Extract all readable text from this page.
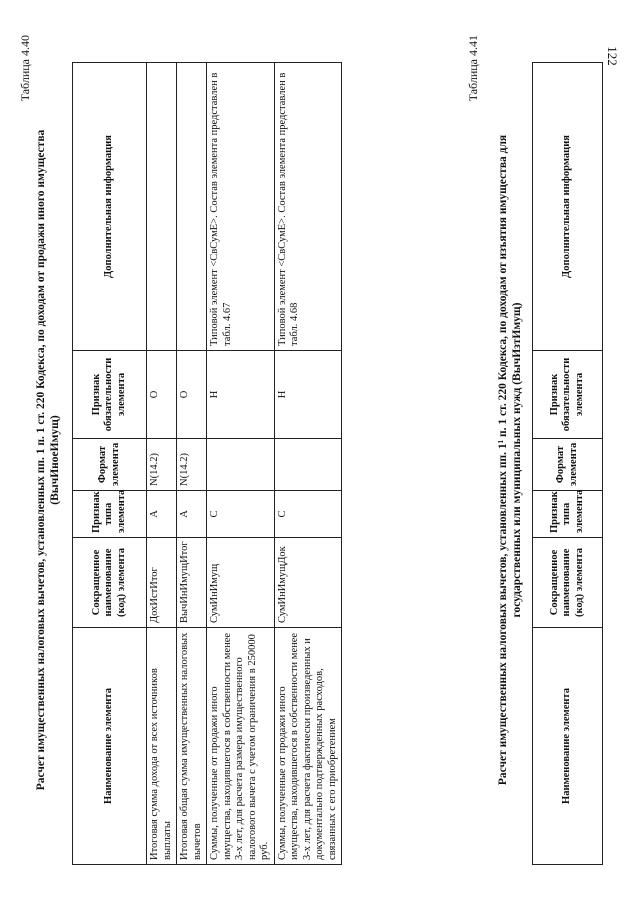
122
Таблица 4.40
Расчет имущественных налоговых вычетов, установленных пп. 1 п. 1 ст. 220 Кодекса, по доходам от продажи иного имущества (ВычИноеИмущ)
Наименование элемента	Сокращенное наименование (код) элемента	Признак типа элемента	Формат элемента	Признак обязательности элемента	Дополнительная информация
Итоговая сумма дохода от всех источников выплаты	ДохИстИтог	А	N(14.2)	О	
Итоговая общая сумма имущественных налоговых вычетов	ВычИнИмущИтог	А	N(14.2)	О	
Суммы, полученные от продажи иного имущества, находившегося в собственности менее 3-х лет, для расчета размера имущественного налогового вычета с учетом ограничения в 250000 руб.	СумИнИмущ	С		Н	Типовой элемент <СвСумЕ>. Состав элемента представлен в табл. 4.67
Суммы, полученные от продажи иного имущества, находившегося в собственности менее 3-х лет, для расчета фактически произведенных и документально подтвержденных расходов, связанных с его приобретением	СумИнИмущДок	С		Н	Типовой элемент <СвСумЕ>. Состав элемента представлен в табл. 4.68
Таблица 4.41
Расчет имущественных налоговых вычетов, установленных пп. 1¹ п. 1 ст. 220 Кодекса, по доходам от изъятия имущества для государственных или муниципальных нужд (ВычИзтИмущ)
Наименование элемента	Сокращенное наименование (код) элемента	Признак типа элемента	Формат элемента	Признак обязательности элемента	Дополнительная информация
